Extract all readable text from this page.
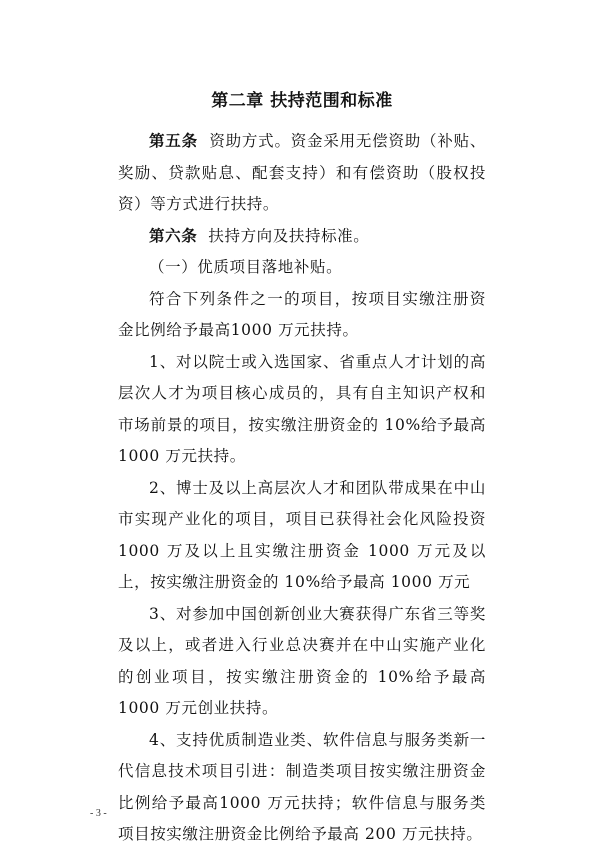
第二章 扶持范围和标准

第五条 资助方式。资金采用无偿资助（补贴、奖励、贷款贴息、配套支持）和有偿资助（股权投资）等方式进行扶持。

第六条 扶持方向及扶持标准。

（一）优质项目落地补贴。

符合下列条件之一的项目，按项目实缴注册资金比例给予最高1000 万元扶持。

1、对以院士或入选国家、省重点人才计划的高层次人才为项目核心成员的，具有自主知识产权和市场前景的项目，按实缴注册资金的 10%给予最高1000 万元扶持。

2、博士及以上高层次人才和团队带成果在中山市实现产业化的项目，项目已获得社会化风险投资 1000 万及以上且实缴注册资金 1000 万元及以上，按实缴注册资金的 10%给予最高 1000 万元

3、对参加中国创新创业大赛获得广东省三等奖及以上，或者进入行业总决赛并在中山实施产业化的创业项目，按实缴注册资金的 10%给予最高 1000 万元创业扶持。

4、支持优质制造业类、软件信息与服务类新一代信息技术项目引进：制造类项目按实缴注册资金比例给予最高1000 万元扶持；软件信息与服务类项目按实缴注册资金比例给予最高 200 万元扶持。

- 3 -
